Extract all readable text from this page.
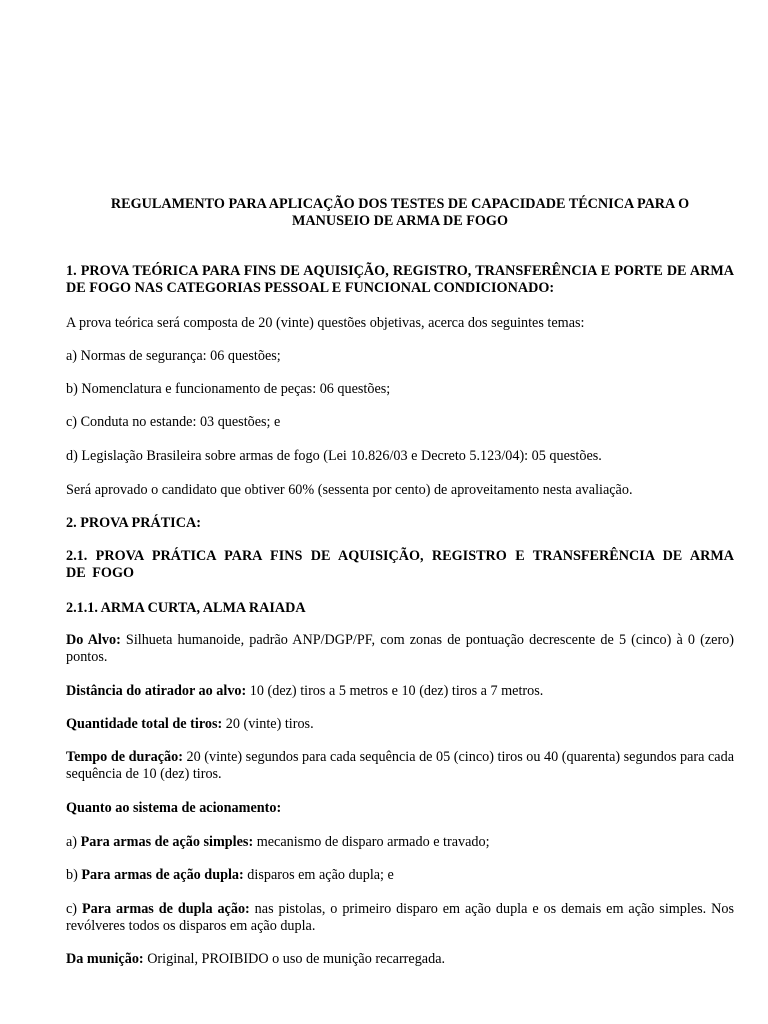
REGULAMENTO PARA APLICAÇÃO DOS TESTES DE CAPACIDADE TÉCNICA PARA O
MANUSEIO DE ARMA DE FOGO

1. PROVA TEÓRICA PARA FINS DE AQUISIÇÃO, REGISTRO, TRANSFERÊNCIA E PORTE DE ARMA DE FOGO NAS CATEGORIAS PESSOAL E FUNCIONAL CONDICIONADO:

A prova teórica será composta de 20 (vinte) questões objetivas, acerca dos seguintes temas:

a) Normas de segurança: 06 questões;

b) Nomenclatura e funcionamento de peças: 06 questões;

c) Conduta no estande: 03 questões; e

d) Legislação Brasileira sobre armas de fogo (Lei 10.826/03 e Decreto 5.123/04): 05 questões.

Será aprovado o candidato que obtiver 60% (sessenta por cento) de aproveitamento nesta avaliação.

2. PROVA PRÁTICA:

2.1. PROVA PRÁTICA PARA FINS DE AQUISIÇÃO, REGISTRO E TRANSFERÊNCIA DE ARMA DE FOGO

2.1.1. ARMA CURTA, ALMA RAIADA

Do Alvo: Silhueta humanoide, padrão ANP/DGP/PF, com zonas de pontuação decrescente de 5 (cinco) à 0 (zero) pontos.

Distância do atirador ao alvo: 10 (dez) tiros a 5 metros e 10 (dez) tiros a 7 metros.

Quantidade total de tiros: 20 (vinte) tiros.

Tempo de duração: 20 (vinte) segundos para cada sequência de 05 (cinco) tiros ou 40 (quarenta) segundos para cada sequência de 10 (dez) tiros.

Quanto ao sistema de acionamento:

a) Para armas de ação simples: mecanismo de disparo armado e travado;

b) Para armas de ação dupla: disparos em ação dupla; e

c) Para armas de dupla ação: nas pistolas, o primeiro disparo em ação dupla e os demais em ação simples. Nos revólveres todos os disparos em ação dupla.

Da munição: Original, PROIBIDO o uso de munição recarregada.
